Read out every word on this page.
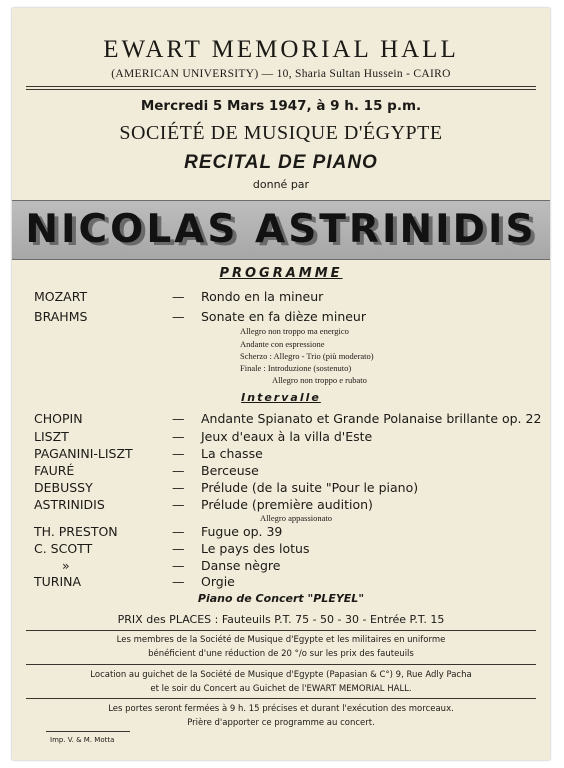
EWART MEMORIAL HALL
(AMERICAN UNIVERSITY) — 10, Sharia Sultan Hussein - CAIRO
Mercredi 5 Mars 1947, à 9 h. 15 p.m.
SOCIÉTÉ DE MUSIQUE D'ÉGYPTE
RECITAL DE PIANO
donné par
NICOLAS ASTRINIDIS
PROGRAMME
MOZART	— Rondo en la mineur
BRAHMS	— Sonate en fa dièze mineur
Allegro non troppo ma energico
Andante con espressione
Scherzo : Allegro - Trio (più moderato)
Finale : Introduzione (sostenuto)
Allegro non troppo e rubato
Intervalle
CHOPIN	— Andante Spianato et Grande Polanaise brillante op. 22
LISZT	— Jeux d'eaux à la villa d'Este
PAGANINI-LISZT	— La chasse
FAURÉ	— Berceuse
DEBUSSY	— Prélude (de la suite "Pour le piano)
ASTRINIDIS	— Prélude (première audition)
Allegro appassionato
TH. PRESTON	— Fugue op. 39
C. SCOTT	— Le pays des lotus
»	— Danse nègre
TURINA	— Orgie
Piano de Concert "PLEYEL"
PRIX des PLACES : Fauteuils P.T. 75 - 50 - 30 - Entrée P.T. 15
Les membres de la Société de Musique d'Egypte et les militaires en uniforme
bénéficient d'une réduction de 20 °/o sur les prix des fauteuils
Location au guichet de la Société de Musique d'Egypte (Papasian & C°) 9, Rue Adly Pacha
et le soir du Concert au Guichet de l'EWART MEMORIAL HALL.
Les portes seront fermées à 9 h. 15 précises et durant l'exécution des morceaux.
Prière d'apporter ce programme au concert.
Imp. V. & M. Motta
